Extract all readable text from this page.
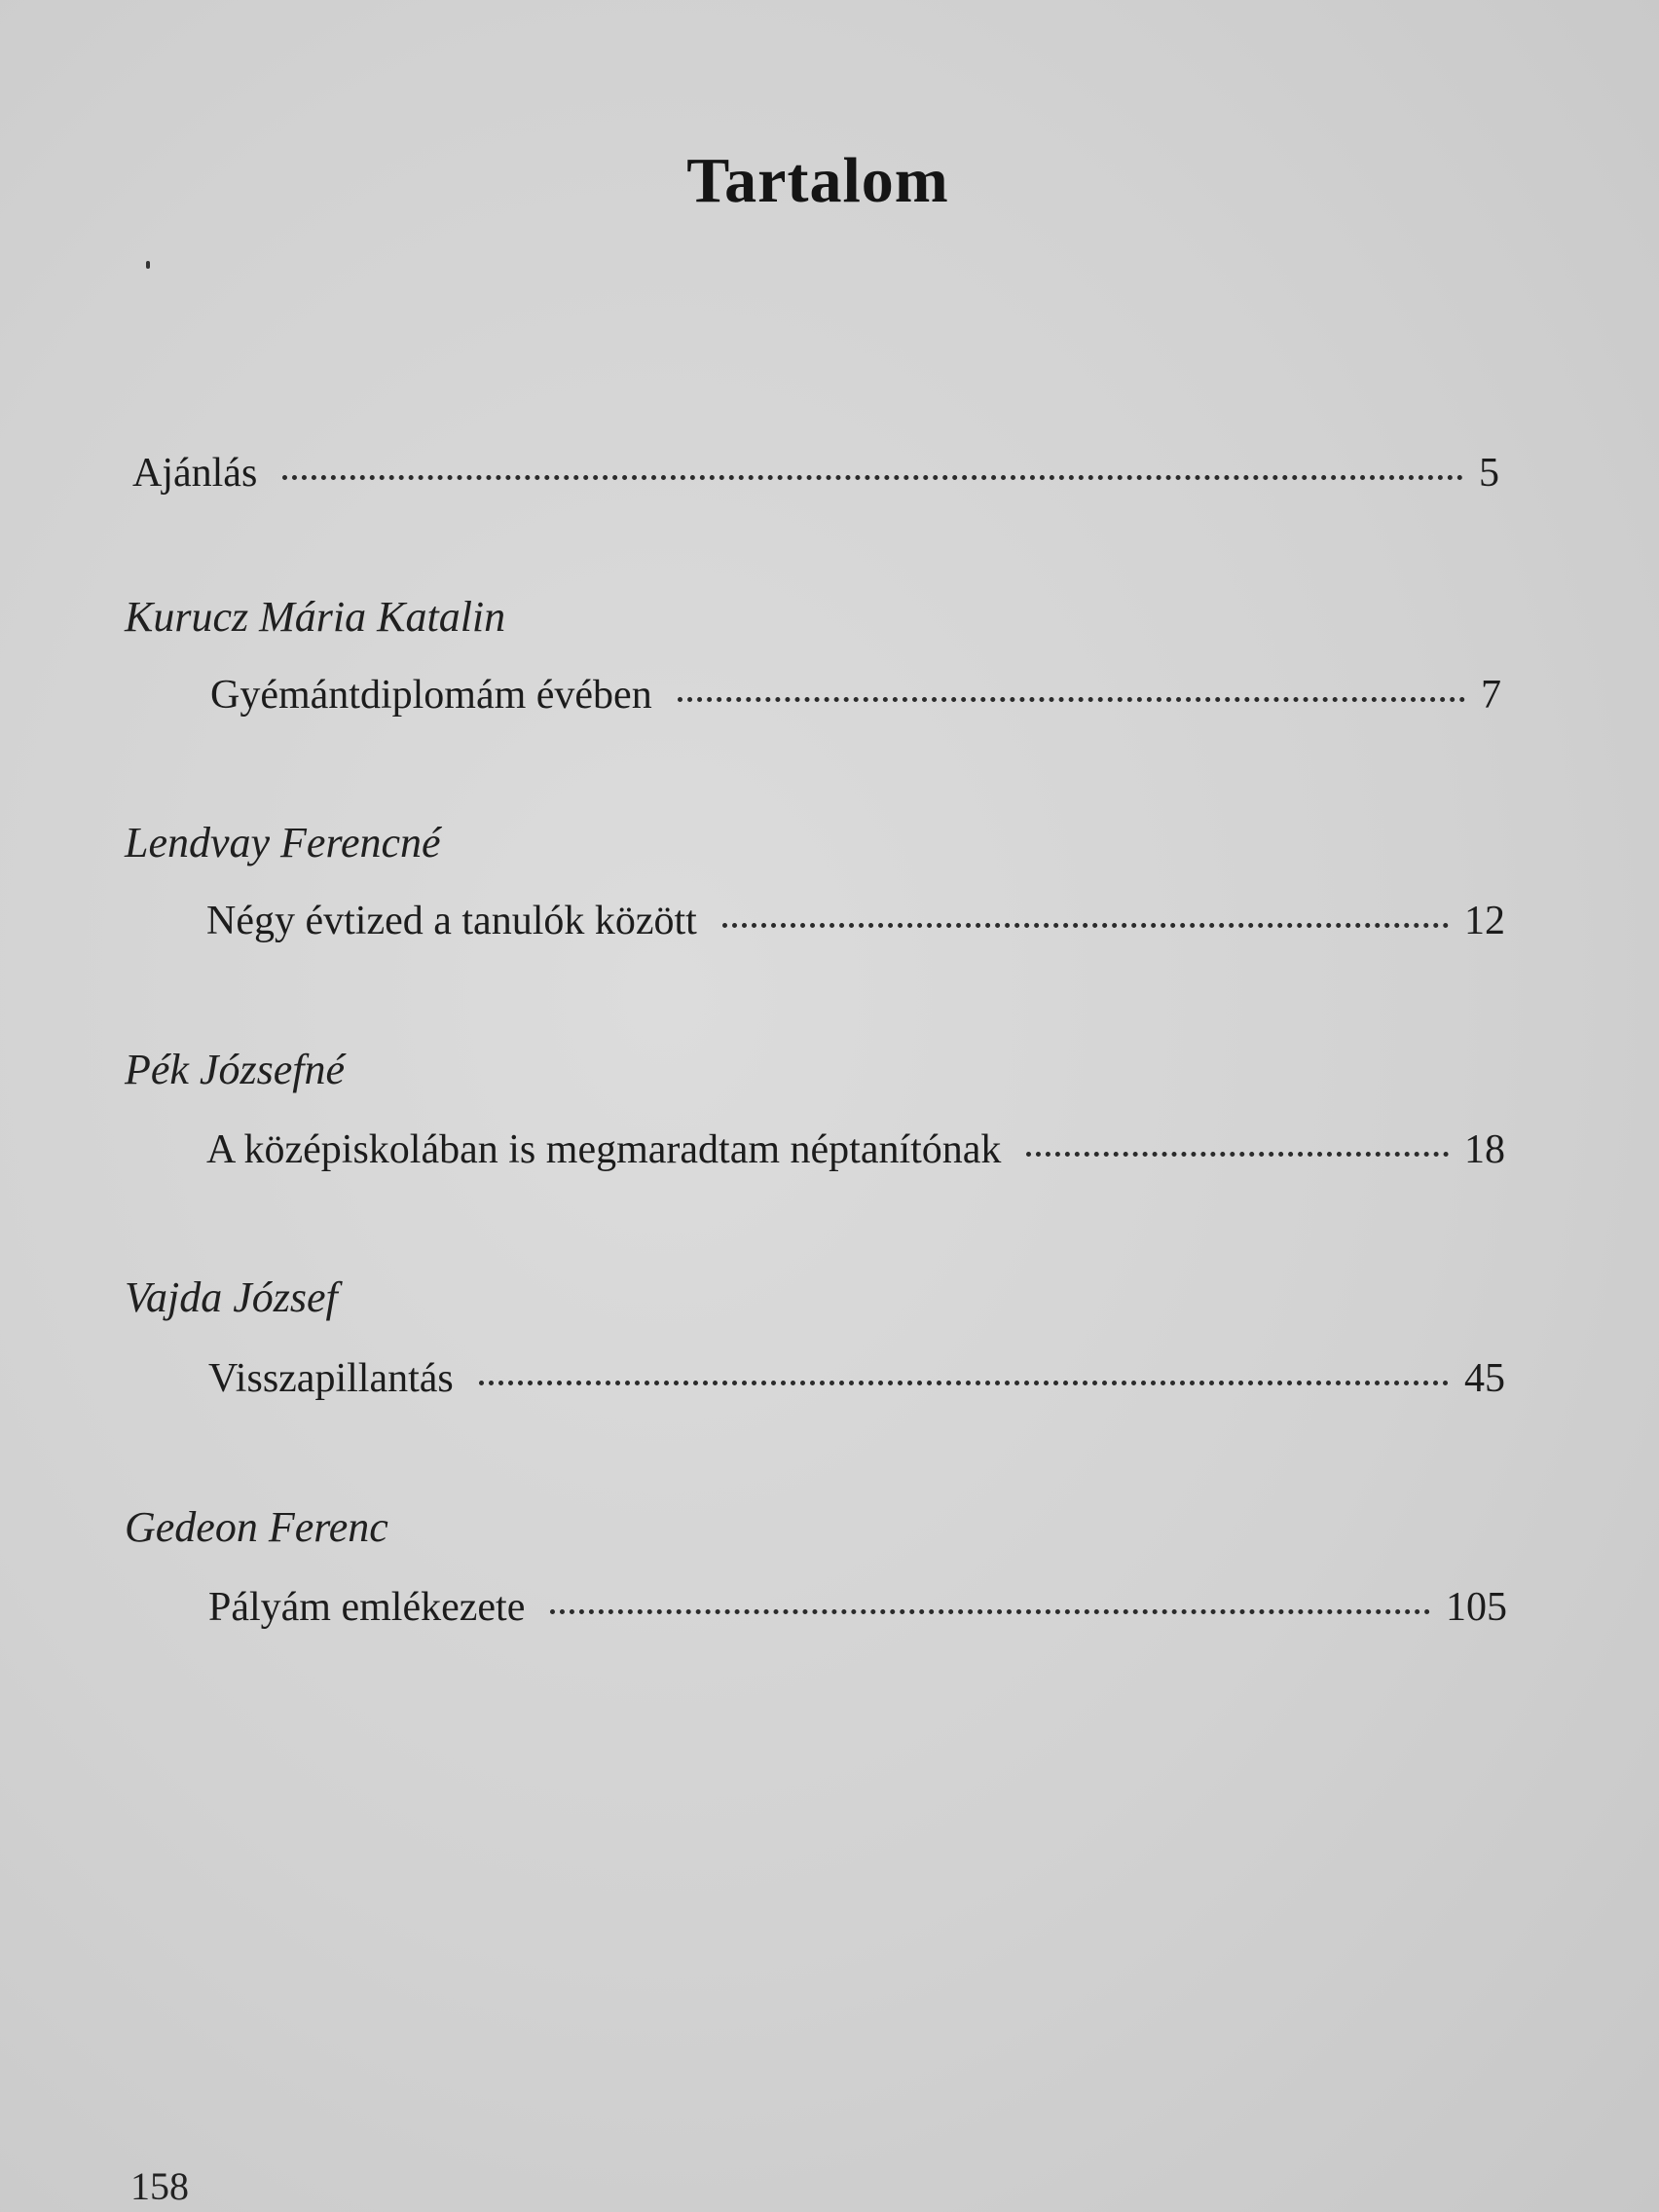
Tartalom
Ajánlás	5
Kurucz Mária Katalin
Gyémántdiplomám évében	7
Lendvay Ferencné
Négy évtized a tanulók között	12
Pék Józsefné
A középiskolában is megmaradtam néptanítónak	18
Vajda József
Visszapillantás	45
Gedeon Ferenc
Pályám emlékezete	105
158
